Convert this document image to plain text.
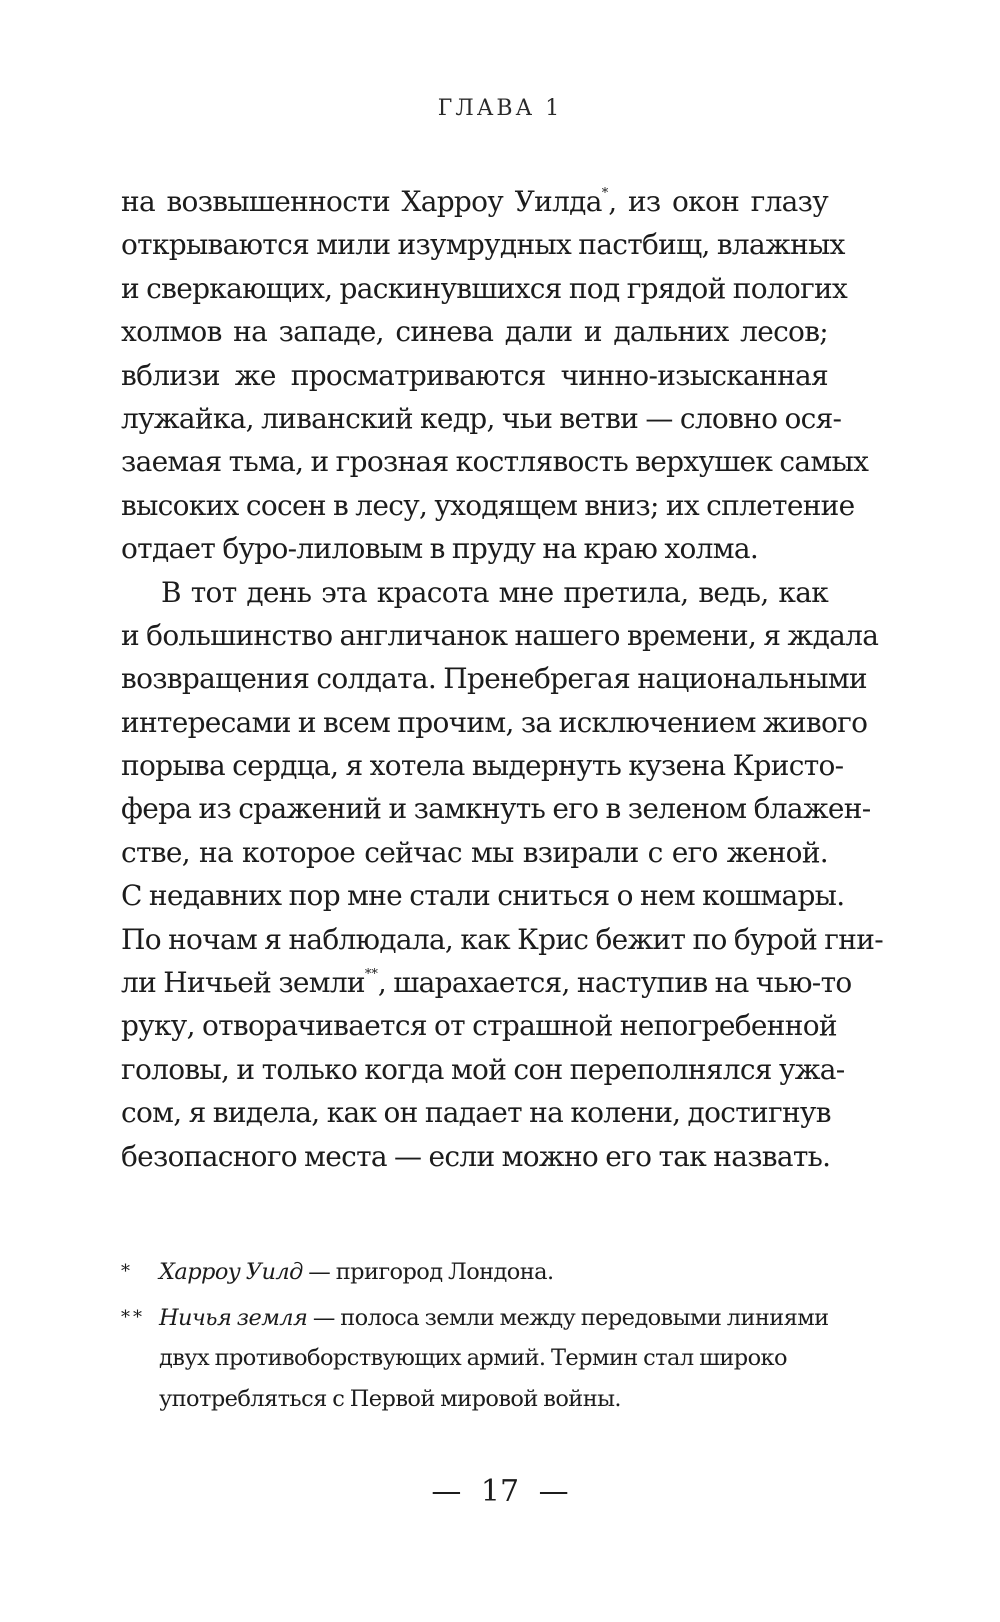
ГЛАВА 1
на возвышенности Харроу Уилда*, из окон глазу
открываются мили изумрудных пастбищ, влажных
и сверкающих, раскинувшихся под грядой пологих
холмов на западе, синева дали и дальних лесов;
вблизи же просматриваются чинно-изысканная
лужайка, ливанский кедр, чьи ветви — словно ося-
заемая тьма, и грозная костлявость верхушек самых
высоких сосен в лесу, уходящем вниз; их сплетение
отдает буро-лиловым в пруду на краю холма.
В тот день эта красота мне претила, ведь, как
и большинство англичанок нашего времени, я ждала
возвращения солдата. Пренебрегая национальными
интересами и всем прочим, за исключением живого
порыва сердца, я хотела выдернуть кузена Кристо-
фера из сражений и замкнуть его в зеленом блажен-
стве, на которое сейчас мы взирали с его женой.
С недавних пор мне стали сниться о нем кошмары.
По ночам я наблюдала, как Крис бежит по бурой гни-
ли Ничьей земли**, шарахается, наступив на чью-то
руку, отворачивается от страшной непогребенной
головы, и только когда мой сон переполнялся ужа-
сом, я видела, как он падает на колени, достигнув
безопасного места — если можно его так назвать.
* Харроу Уилд — пригород Лондона.
** Ничья земля — полоса земли между передовыми линиями
двух противоборствующих армий. Термин стал широко
употребляться с Первой мировой войны.
— 17 —
